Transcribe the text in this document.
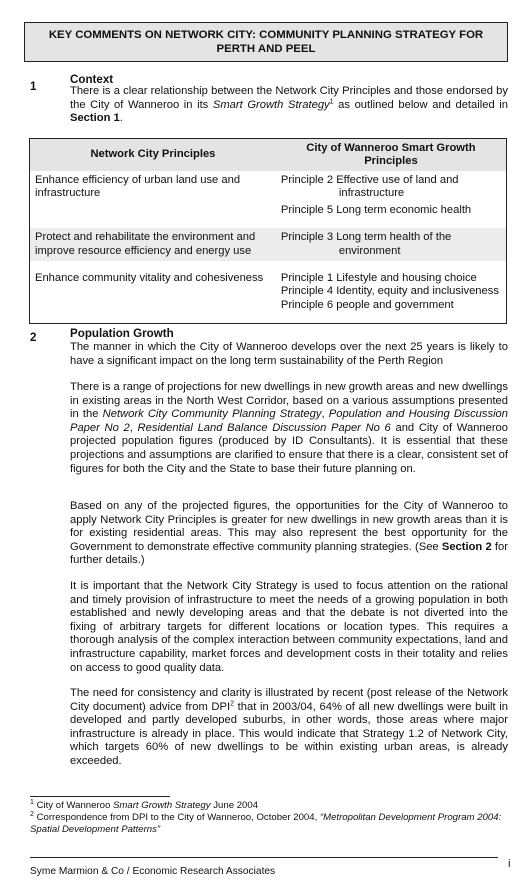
KEY COMMENTS ON NETWORK CITY: COMMUNITY PLANNING STRATEGY FOR
PERTH AND PEEL
1
Context

There is a clear relationship between the Network City Principles and those endorsed by the City of Wanneroo in its Smart Growth Strategy$^1$ as outlined below and detailed in Section 1.

Network City Principles	City of Wanneroo Smart Growth Principles
Enhance efficiency of urban land use and infrastructure	Principle 2 Effective use of land and infrastructure
Principle 5 Long term economic health

Protect and rehabilitate the environment and improve resource efficiency and energy use	Principle 3 Long term health of the environment

Enhance community vitality and cohesiveness	Principle 1 Lifestyle and housing choice
Principle 4 Identity, equity and inclusiveness
Principle 6 people and government

2	Population Growth

The manner in which the City of Wanneroo develops over the next 25 years is likely to have a significant impact on the long term sustainability of the Perth Region

There is a range of projections for new dwellings in new growth areas and new dwellings in existing areas in the North West Corridor, based on a various assumptions presented in the Network City Community Planning Strategy, Population and Housing Discussion Paper No 2, Residential Land Balance Discussion Paper No 6 and City of Wanneroo projected population figures (produced by ID Consultants). It is essential that these projections and assumptions are clarified to ensure that there is a clear, consistent set of figures for both the City and the State to base their future planning on.

Based on any of the projected figures, the opportunities for the City of Wanneroo to apply Network City Principles is greater for new dwellings in new growth areas than it is for existing residential areas. This may also represent the best opportunity for the Government to demonstrate effective community planning strategies. (See Section 2 for further details.)

It is important that the Network City Strategy is used to focus attention on the rational and timely provision of infrastructure to meet the needs of a growing population in both established and newly developing areas and that the debate is not diverted into the fixing of arbitrary targets for different locations or location types. This requires a thorough analysis of the complex interaction between community expectations, land and infrastructure capability, market forces and development costs in their totality and relies on access to good quality data.

The need for consistency and clarity is illustrated by recent (post release of the Network City document) advice from DPI$^2$ that in 2003/04, 64% of all new dwellings were built in developed and partly developed suburbs, in other words, those areas where major infrastructure is already in place. This would indicate that Strategy 1.2 of Network City, which targets 60% of new dwellings to be within existing urban areas, is already exceeded.

$^1$ City of Wanneroo Smart Growth Strategy June 2004

$^2$ Correspondence from DPI to the City of Wanneroo, October 2004, “Metropolitan Development Program 2004: Spatial Development Patterns”

Syme Marmion & Co / Economic Research Associates
i
